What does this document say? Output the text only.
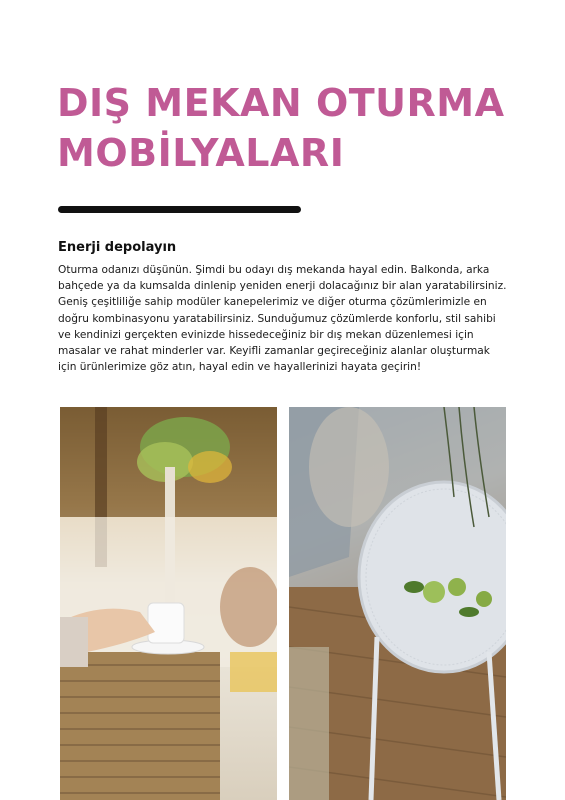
DIŞ MEKAN OTURMA
MOBİLYALARI
Enerji depolayın

Oturma odanızı düşünün. Şimdi bu odayı dış mekanda hayal edin. Balkonda, arka bahçede ya da kumsalda dinlenip yeniden enerji dolacağınız bir alan yaratabilirsiniz. Geniş çeşitliliğe sahip modüler kanepelerimiz ve diğer oturma çözümlerimizle en doğru kombinasyonu yaratabilirsiniz. Sunduğumuz çözümlerde konforlu, stil sahibi ve kendinizi gerçekten evinizde hissedeceğiniz bir dış mekan düzenlemesi için masalar ve rahat minderler var. Keyifli zamanlar geçireceğiniz alanlar oluşturmak için ürünlerimize göz atın, hayal edin ve hayallerinizi hayata geçirin!
